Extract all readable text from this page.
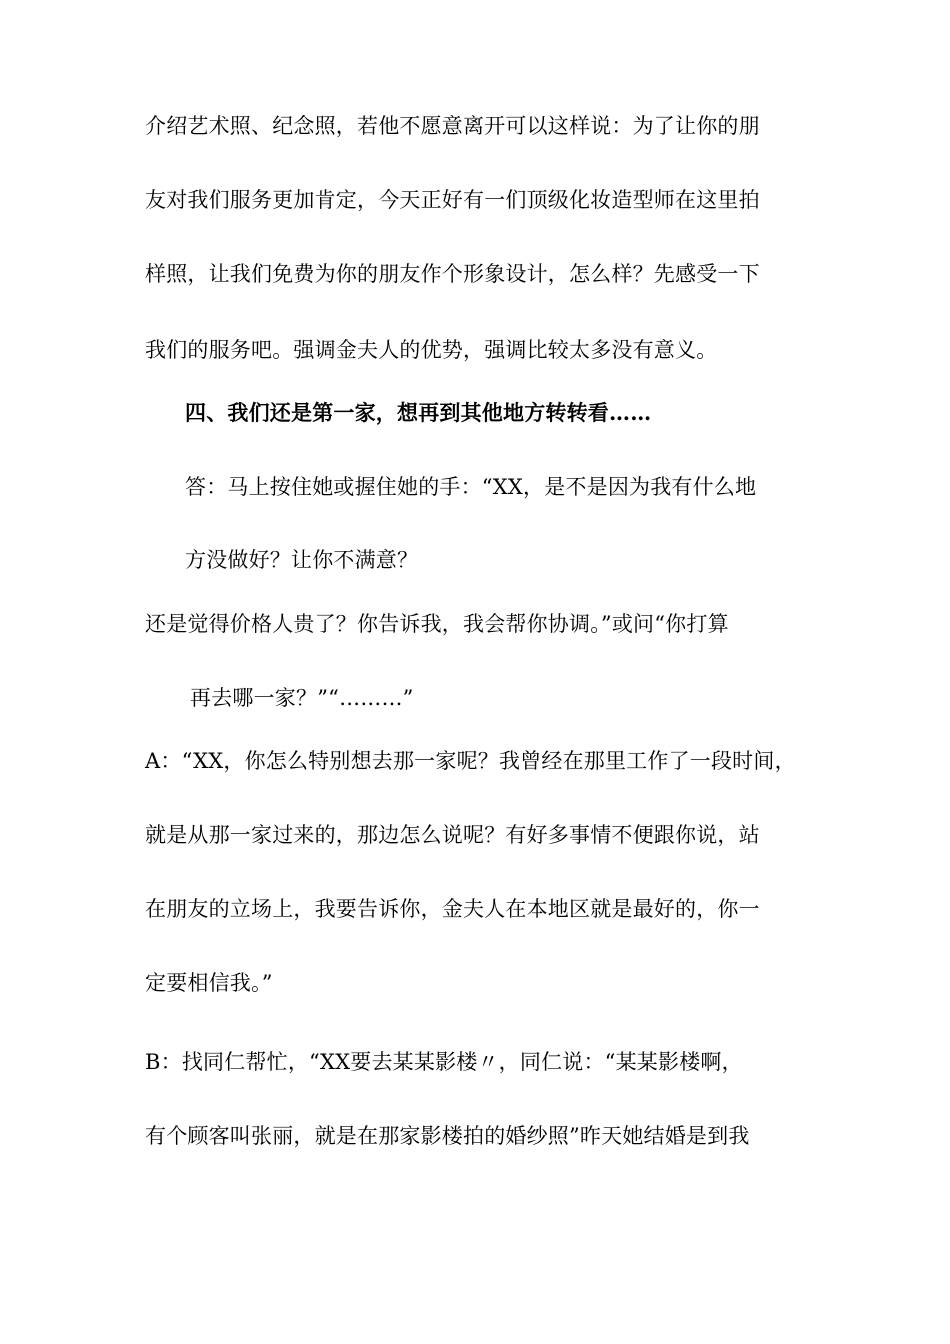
介绍艺术照、纪念照，若他不愿意离开可以这样说：为了让你的朋
友对我们服务更加肯定，今天正好有一们顶级化妆造型师在这里拍
样照，让我们免费为你的朋友作个形象设计，怎么样？先感受一下
我们的服务吧。强调金夫人的优势，强调比较太多没有意义。
四、我们还是第一家，想再到其他地方转转看……
答：马上按住她或握住她的手：“XX，是不是因为我有什么地
方没做好？让你不满意？
还是觉得价格人贵了？你告诉我，我会帮你协调。”或问“你打算
再去哪一家？”“………”
A：“XX，你怎么特别想去那一家呢？我曾经在那里工作了一段时间，
就是从那一家过来的，那边怎么说呢？有好多事情不便跟你说，站
在朋友的立场上，我要告诉你，金夫人在本地区就是最好的，你一
定要相信我。”
B：找同仁帮忙，“XX要去某某影楼〃，同仁说：“某某影楼啊，
有个顾客叫张丽，就是在那家影楼拍的婚纱照”昨天她结婚是到我
